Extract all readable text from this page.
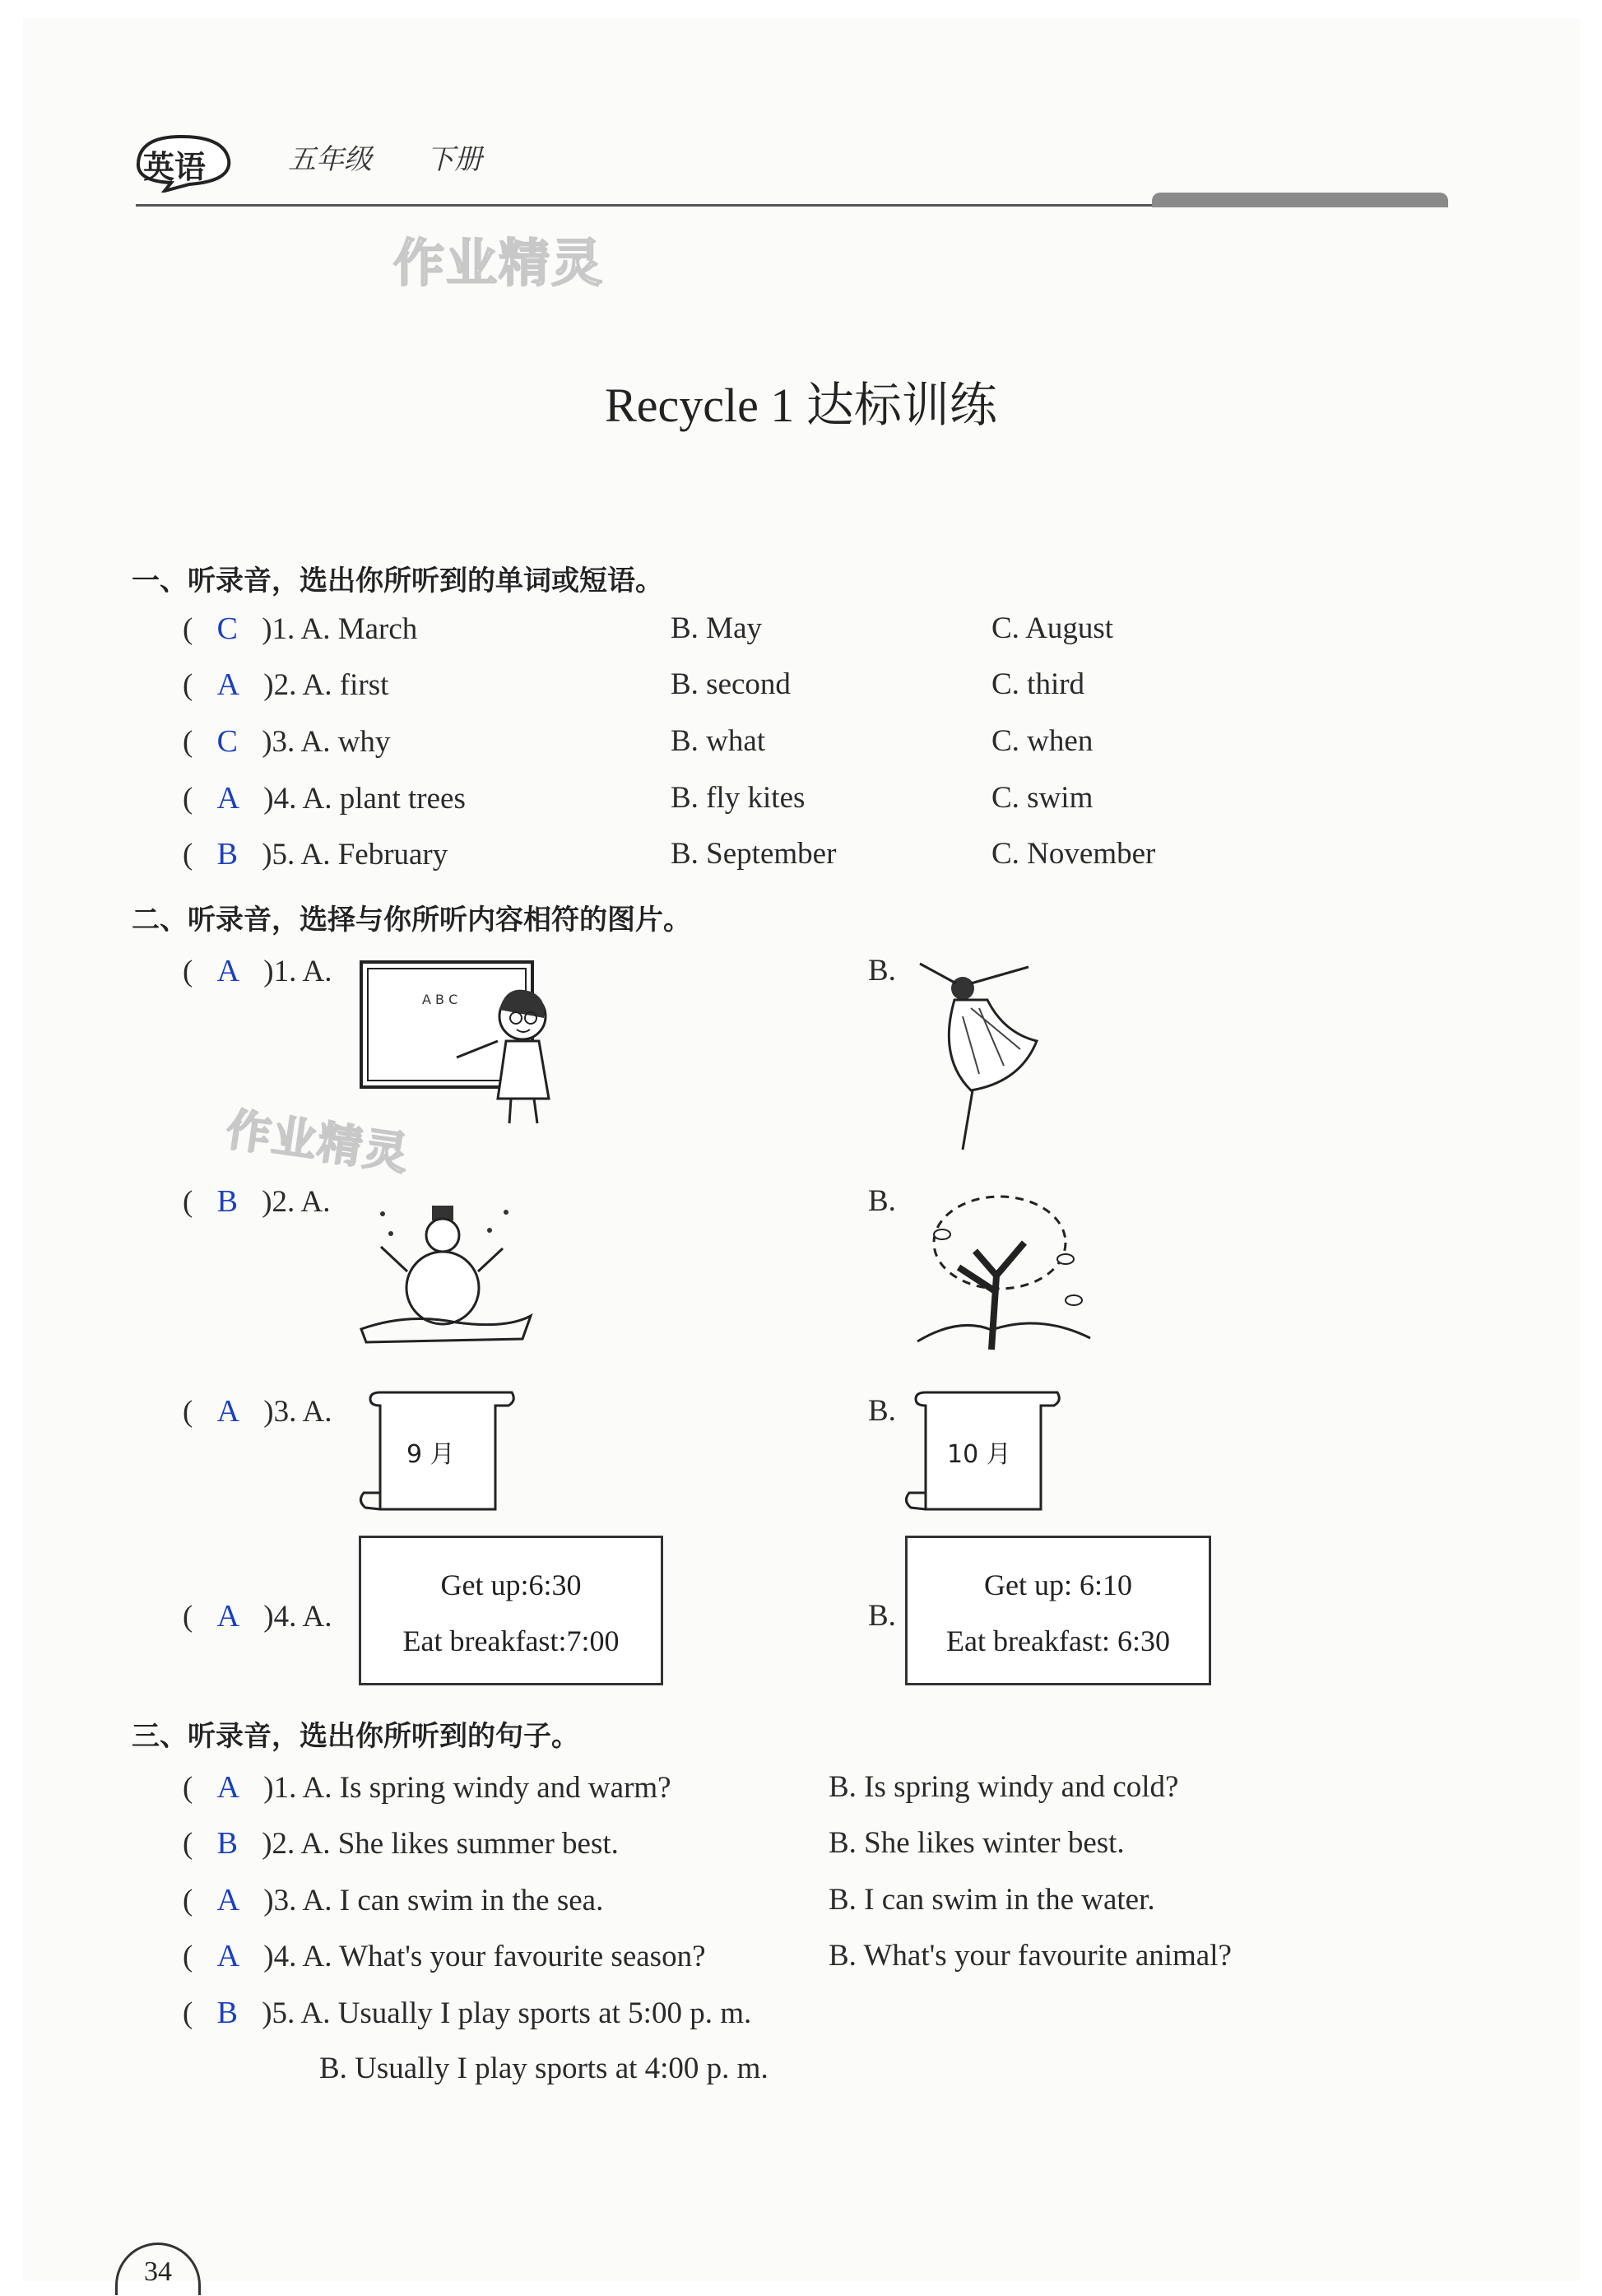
英语	五年级 下册
作业精灵
Recycle 1 达标训练
一、听录音，选出你所听到的单词或短语。
( C )1. A. March	B. May	C. August
( A )2. A. first	B. second	C. third
( C )3. A. why	B. what	C. when
( A )4. A. plant trees	B. fly kites	C. swim
( B )5. A. February	B. September	C. November
二、听录音，选择与你所听内容相符的图片。
( A )1. A.
A B C
B.
作业精灵
( B )2. A.	B.
( A )3. A.
9 月
B.
10 月
( A )4. A.
Get up:6:30
Eat breakfast:7:00
B.
Get up: 6:10
Eat breakfast: 6:30
三、听录音，选出你所听到的句子。
( A )1. A. Is spring windy and warm?	B. Is spring windy and cold?
( B )2. A. She likes summer best.	B. She likes winter best.
( A )3. A. I can swim in the sea.	B. I can swim in the water.
( A )4. A. What's your favourite season?	B. What's your favourite animal?
( B )5. A. Usually I play sports at 5:00 p. m.
B. Usually I play sports at 4:00 p. m.
34
